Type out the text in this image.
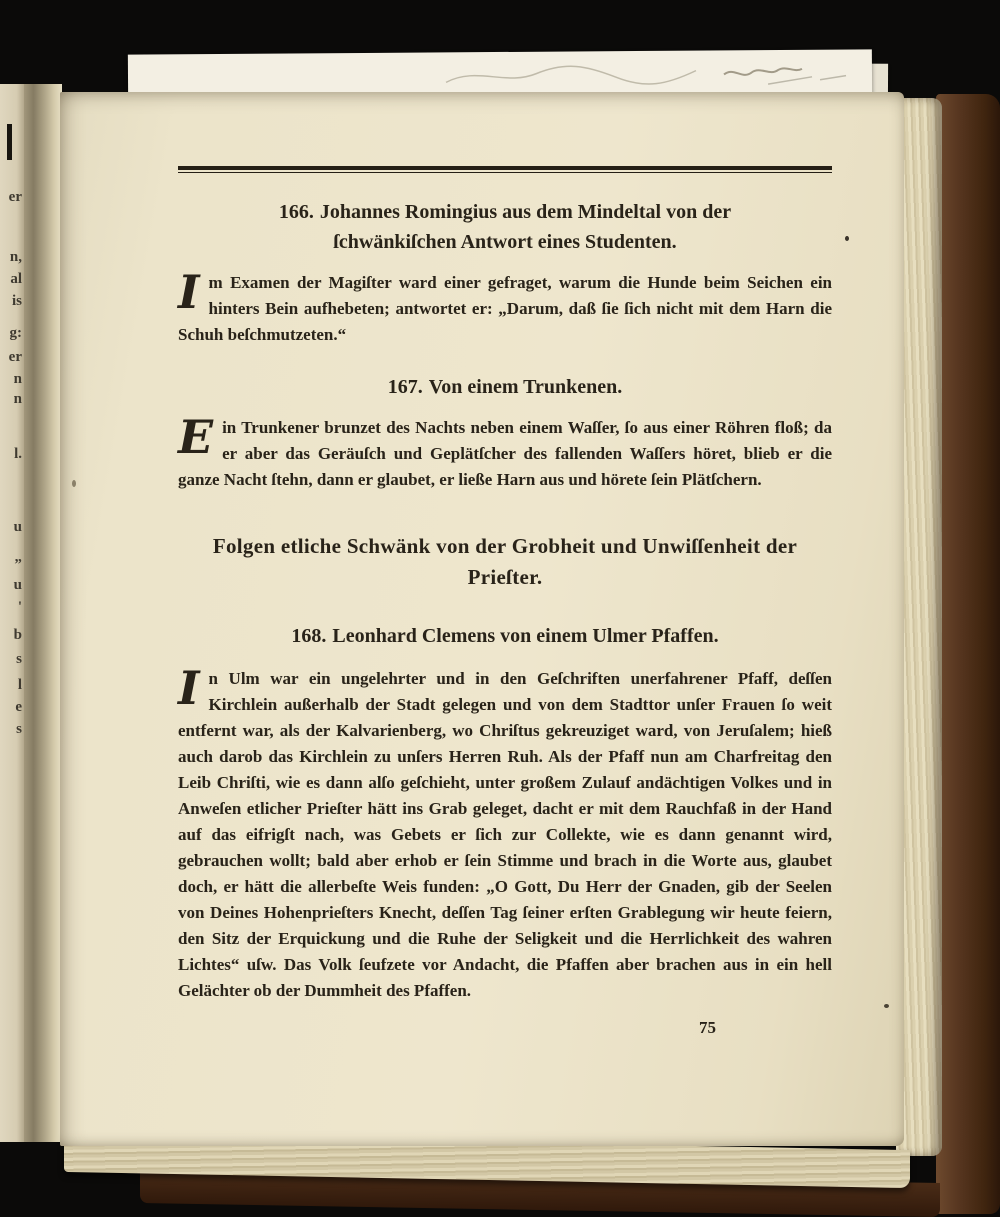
er
n,
al
is
g:
er
n
n
l.
u
„
u
'
b
s
l
e
s
166. Johannes Romingius aus dem Mindeltal von der ſchwänkiſchen Antwort eines Studenten.

Im Examen der Magiſter ward einer gefraget, warum die Hunde beim Seichen ein hinters Bein aufhebeten; antwortet er: „Darum, daß ſie ſich nicht mit dem Harn die Schuh beſchmutzeten.“

167. Von einem Trunkenen.

Ein Trunkener brunzet des Nachts neben einem Waſſer, ſo aus einer Röhren floß; da er aber das Geräuſch und Geplätſcher des fallenden Waſſers höret, blieb er die ganze Nacht ſtehn, dann er glaubet, er ließe Harn aus und hörete ſein Plätſchern.

Folgen etliche Schwänk von der Grobheit und Unwiſſenheit der Prieſter.
168. Leonhard Clemens von einem Ulmer Pfaffen.

In Ulm war ein ungelehrter und in den Geſchriften unerfahrener Pfaff, deſſen Kirchlein außerhalb der Stadt gelegen und von dem Stadttor unſer Frauen ſo weit entfernt war, als der Kalvarienberg, wo Chriſtus gekreuziget ward, von Jeruſalem; hieß auch darob das Kirchlein zu unſers Herren Ruh. Als der Pfaff nun am Charfreitag den Leib Chriſti, wie es dann alſo geſchieht, unter großem Zulauf andächtigen Volkes und in Anweſen etlicher Prieſter hätt ins Grab geleget, dacht er mit dem Rauchfaß in der Hand auf das eifrigſt nach, was Gebets er ſich zur Collekte, wie es dann genannt wird, gebrauchen wollt; bald aber erhob er ſein Stimme und brach in die Worte aus, glaubet doch, er hätt die allerbeſte Weis funden: „O Gott, Du Herr der Gnaden, gib der Seelen von Deines Hohenprieſters Knecht, deſſen Tag ſeiner erſten Grablegung wir heute feiern, den Sitz der Erquickung und die Ruhe der Seligkeit und die Herrlichkeit des wahren Lichtes“ uſw. Das Volk ſeufzete vor Andacht, die Pfaffen aber brachen aus in ein hell Gelächter ob der Dummheit des Pfaffen.

75
